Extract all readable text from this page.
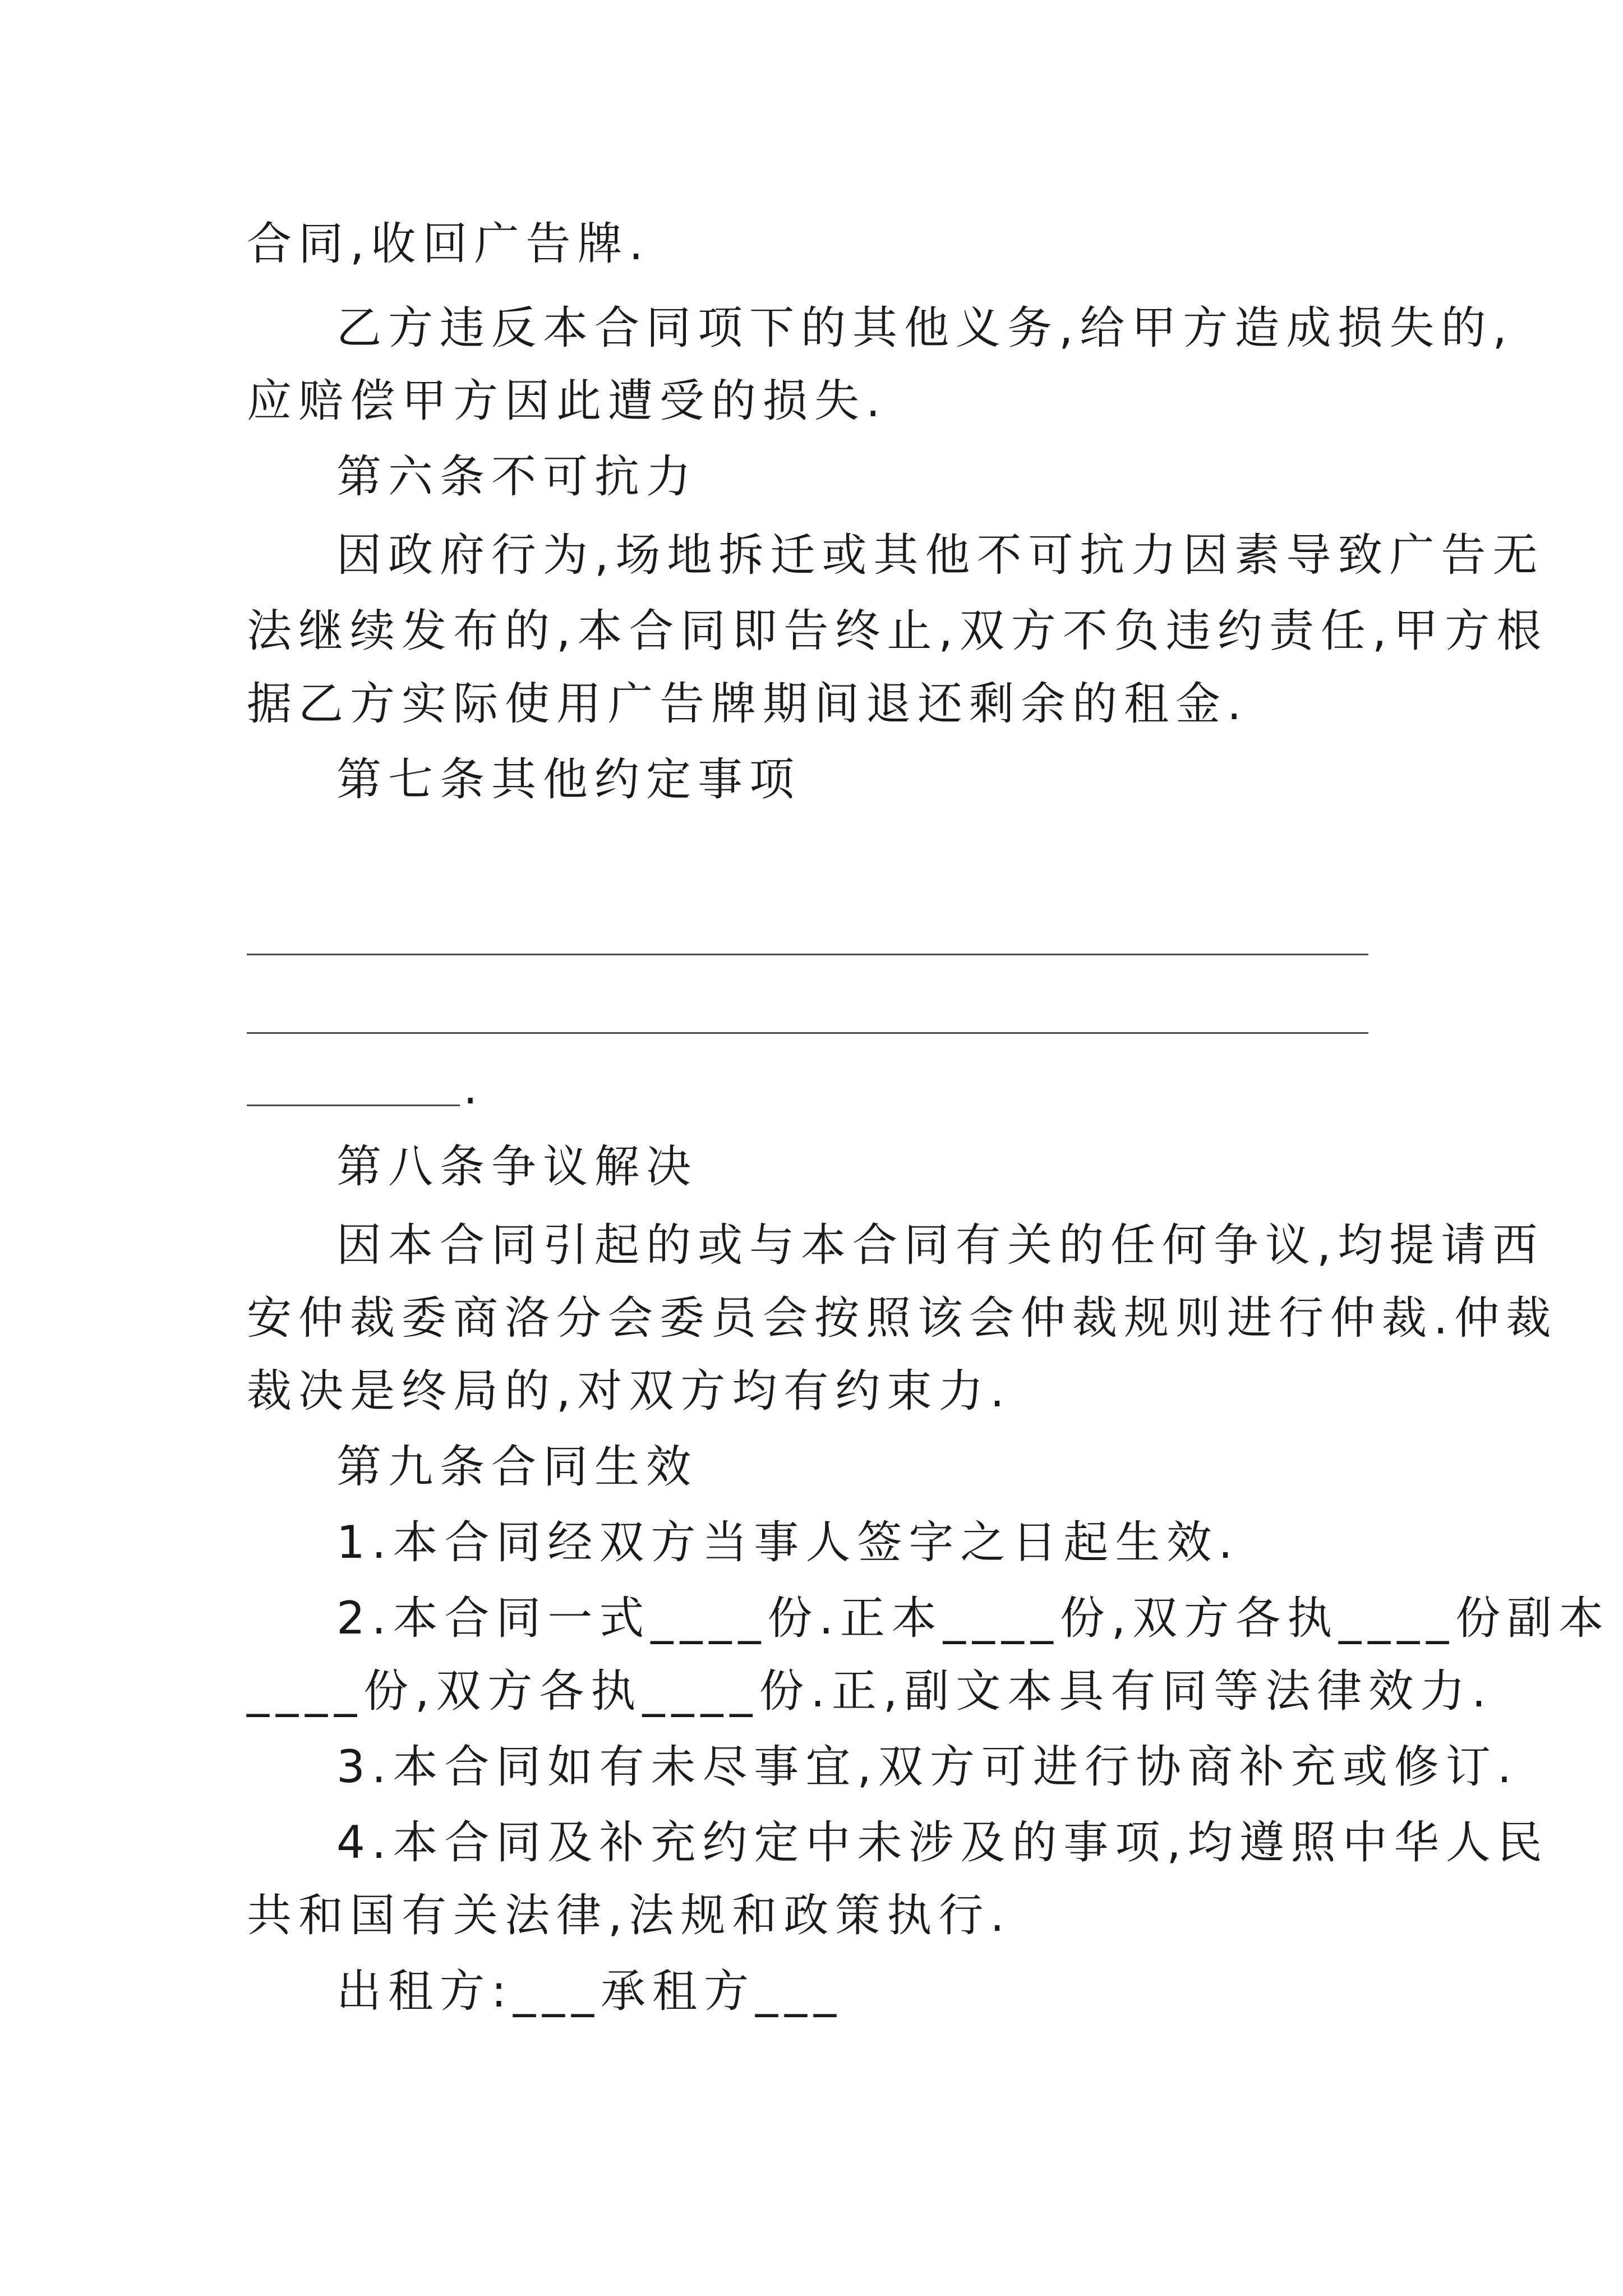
合同,收回广告牌.

乙方违反本合同项下的其他义务,给甲方造成损失的,

应赔偿甲方因此遭受的损失.

第六条不可抗力

因政府行为,场地拆迁或其他不可抗力因素导致广告无

法继续发布的,本合同即告终止,双方不负违约责任,甲方根

据乙方实际使用广告牌期间退还剩余的租金.

第七条其他约定事项

.

第八条争议解决

因本合同引起的或与本合同有关的任何争议,均提请西

安仲裁委商洛分会委员会按照该会仲裁规则进行仲裁.仲裁

裁决是终局的,对双方均有约束力.

第九条合同生效

1.本合同经双方当事人签字之日起生效.

2.本合同一式____份.正本____份,双方各执____份副本

____份,双方各执____份.正,副文本具有同等法律效力.

3.本合同如有未尽事宜,双方可进行协商补充或修订.

4.本合同及补充约定中未涉及的事项,均遵照中华人民

共和国有关法律,法规和政策执行.

出租方:___承租方___
